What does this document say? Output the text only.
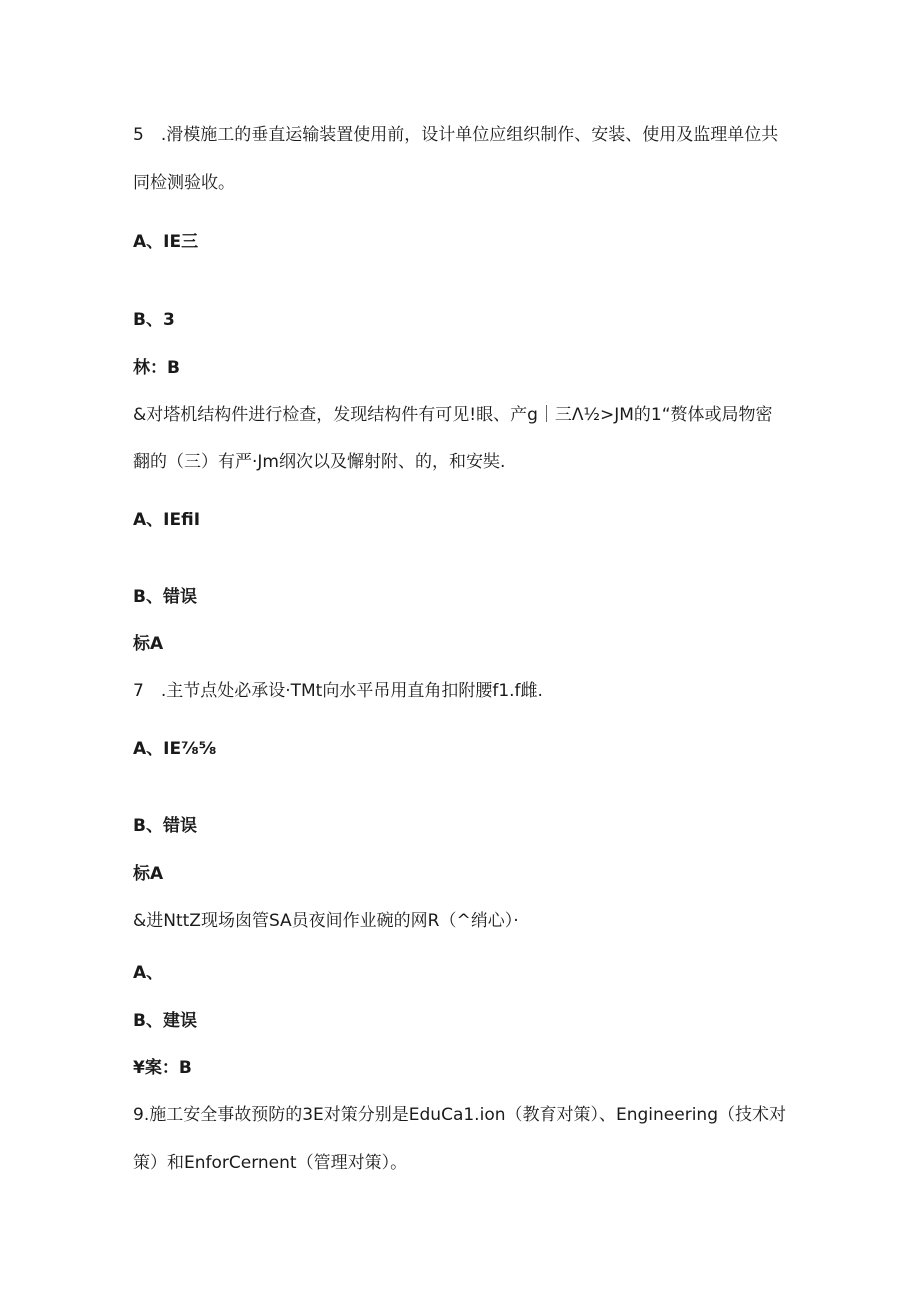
5　.滑模施工的垂直运输装置使用前，设计单位应组织制作、安装、使用及监理单位共
同检测验收。
A、IE三
B、3
林：B
&对塔机结构件进行检查，发现结构件有可见!眼、产g｜三Λ½>JM的1“赘体或局物密
翻的（三）有严·Jm纲次以及懈射附、的，和安奘.
A、IEfiI
B、错误
标A
7　.主节点处必承设·TMt向水平吊用直角扣附腰f1.f雌.
A、IE⅞⅝
B、错误
标A
&进NttZ现场囱管SA员夜间作业碗的网R（^绡心）·
A、
B、建误
¥案：B
9.施工安全事故预防的3E对策分别是EduCa1.ion（教育对策）、Engineering（技术对
策）和EnforCernent（管理对策）。
